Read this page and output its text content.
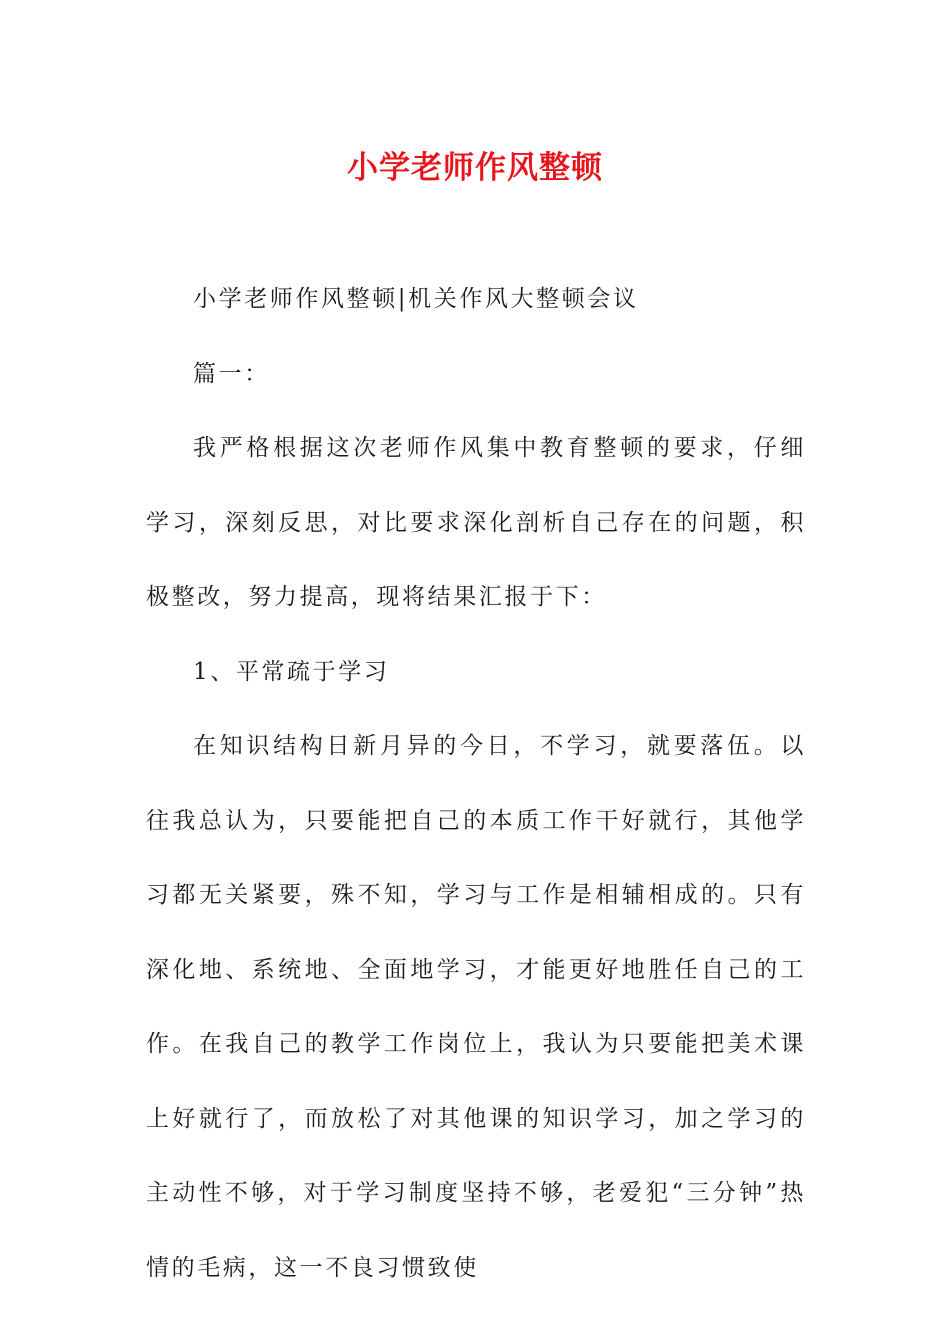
小学老师作风整顿

小学老师作风整顿|机关作风大整顿会议

篇一：

我严格根据这次老师作风集中教育整顿的要求，仔细学习，深刻反思，对比要求深化剖析自己存在的问题，积极整改，努力提高，现将结果汇报于下：

1、平常疏于学习

在知识结构日新月异的今日，不学习，就要落伍。以往我总认为，只要能把自己的本质工作干好就行，其他学习都无关紧要，殊不知，学习与工作是相辅相成的。只有深化地、系统地、全面地学习，才能更好地胜任自己的工作。在我自己的教学工作岗位上，我认为只要能把美术课上好就行了，而放松了对其他课的知识学习，加之学习的主动性不够，对于学习制度坚持不够，老爱犯“三分钟”热情的毛病，这一不良习惯致使
